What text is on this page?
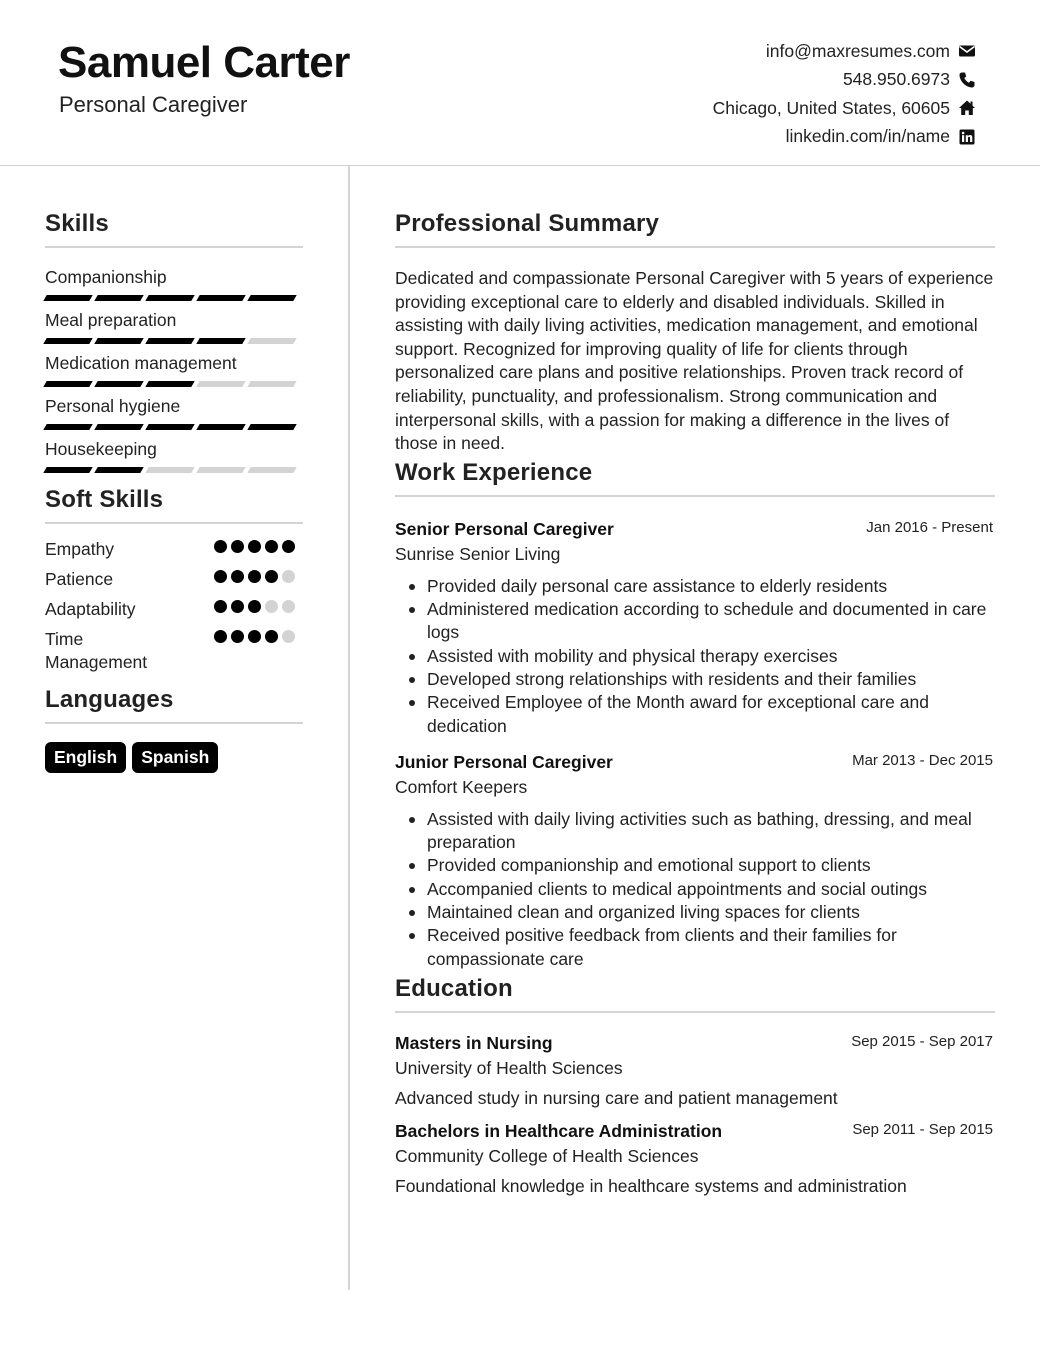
Samuel Carter
Personal Caregiver
info@maxresumes.com
548.950.6973
Chicago, United States, 60605
linkedin.com/in/name
Skills
Companionship
Meal preparation
Medication management
Personal hygiene
Housekeeping
Soft Skills
Empathy
Patience
Adaptability
Time Management
Languages
English	Spanish
Professional Summary
Dedicated and compassionate Personal Caregiver with 5 years of experience providing exceptional care to elderly and disabled individuals. Skilled in assisting with daily living activities, medication management, and emotional support. Recognized for improving quality of life for clients through personalized care plans and positive relationships. Proven track record of reliability, punctuality, and professionalism. Strong communication and interpersonal skills, with a passion for making a difference in the lives of those in need.
Work Experience
Senior Personal Caregiver	Jan 2016 - Present
Sunrise Senior Living
Provided daily personal care assistance to elderly residents
Administered medication according to schedule and documented in care logs
Assisted with mobility and physical therapy exercises
Developed strong relationships with residents and their families
Received Employee of the Month award for exceptional care and dedication
Junior Personal Caregiver	Mar 2013 - Dec 2015
Comfort Keepers
Assisted with daily living activities such as bathing, dressing, and meal preparation
Provided companionship and emotional support to clients
Accompanied clients to medical appointments and social outings
Maintained clean and organized living spaces for clients
Received positive feedback from clients and their families for compassionate care
Education
Masters in Nursing	Sep 2015 - Sep 2017
University of Health Sciences
Advanced study in nursing care and patient management
Bachelors in Healthcare Administration	Sep 2011 - Sep 2015
Community College of Health Sciences
Foundational knowledge in healthcare systems and administration
